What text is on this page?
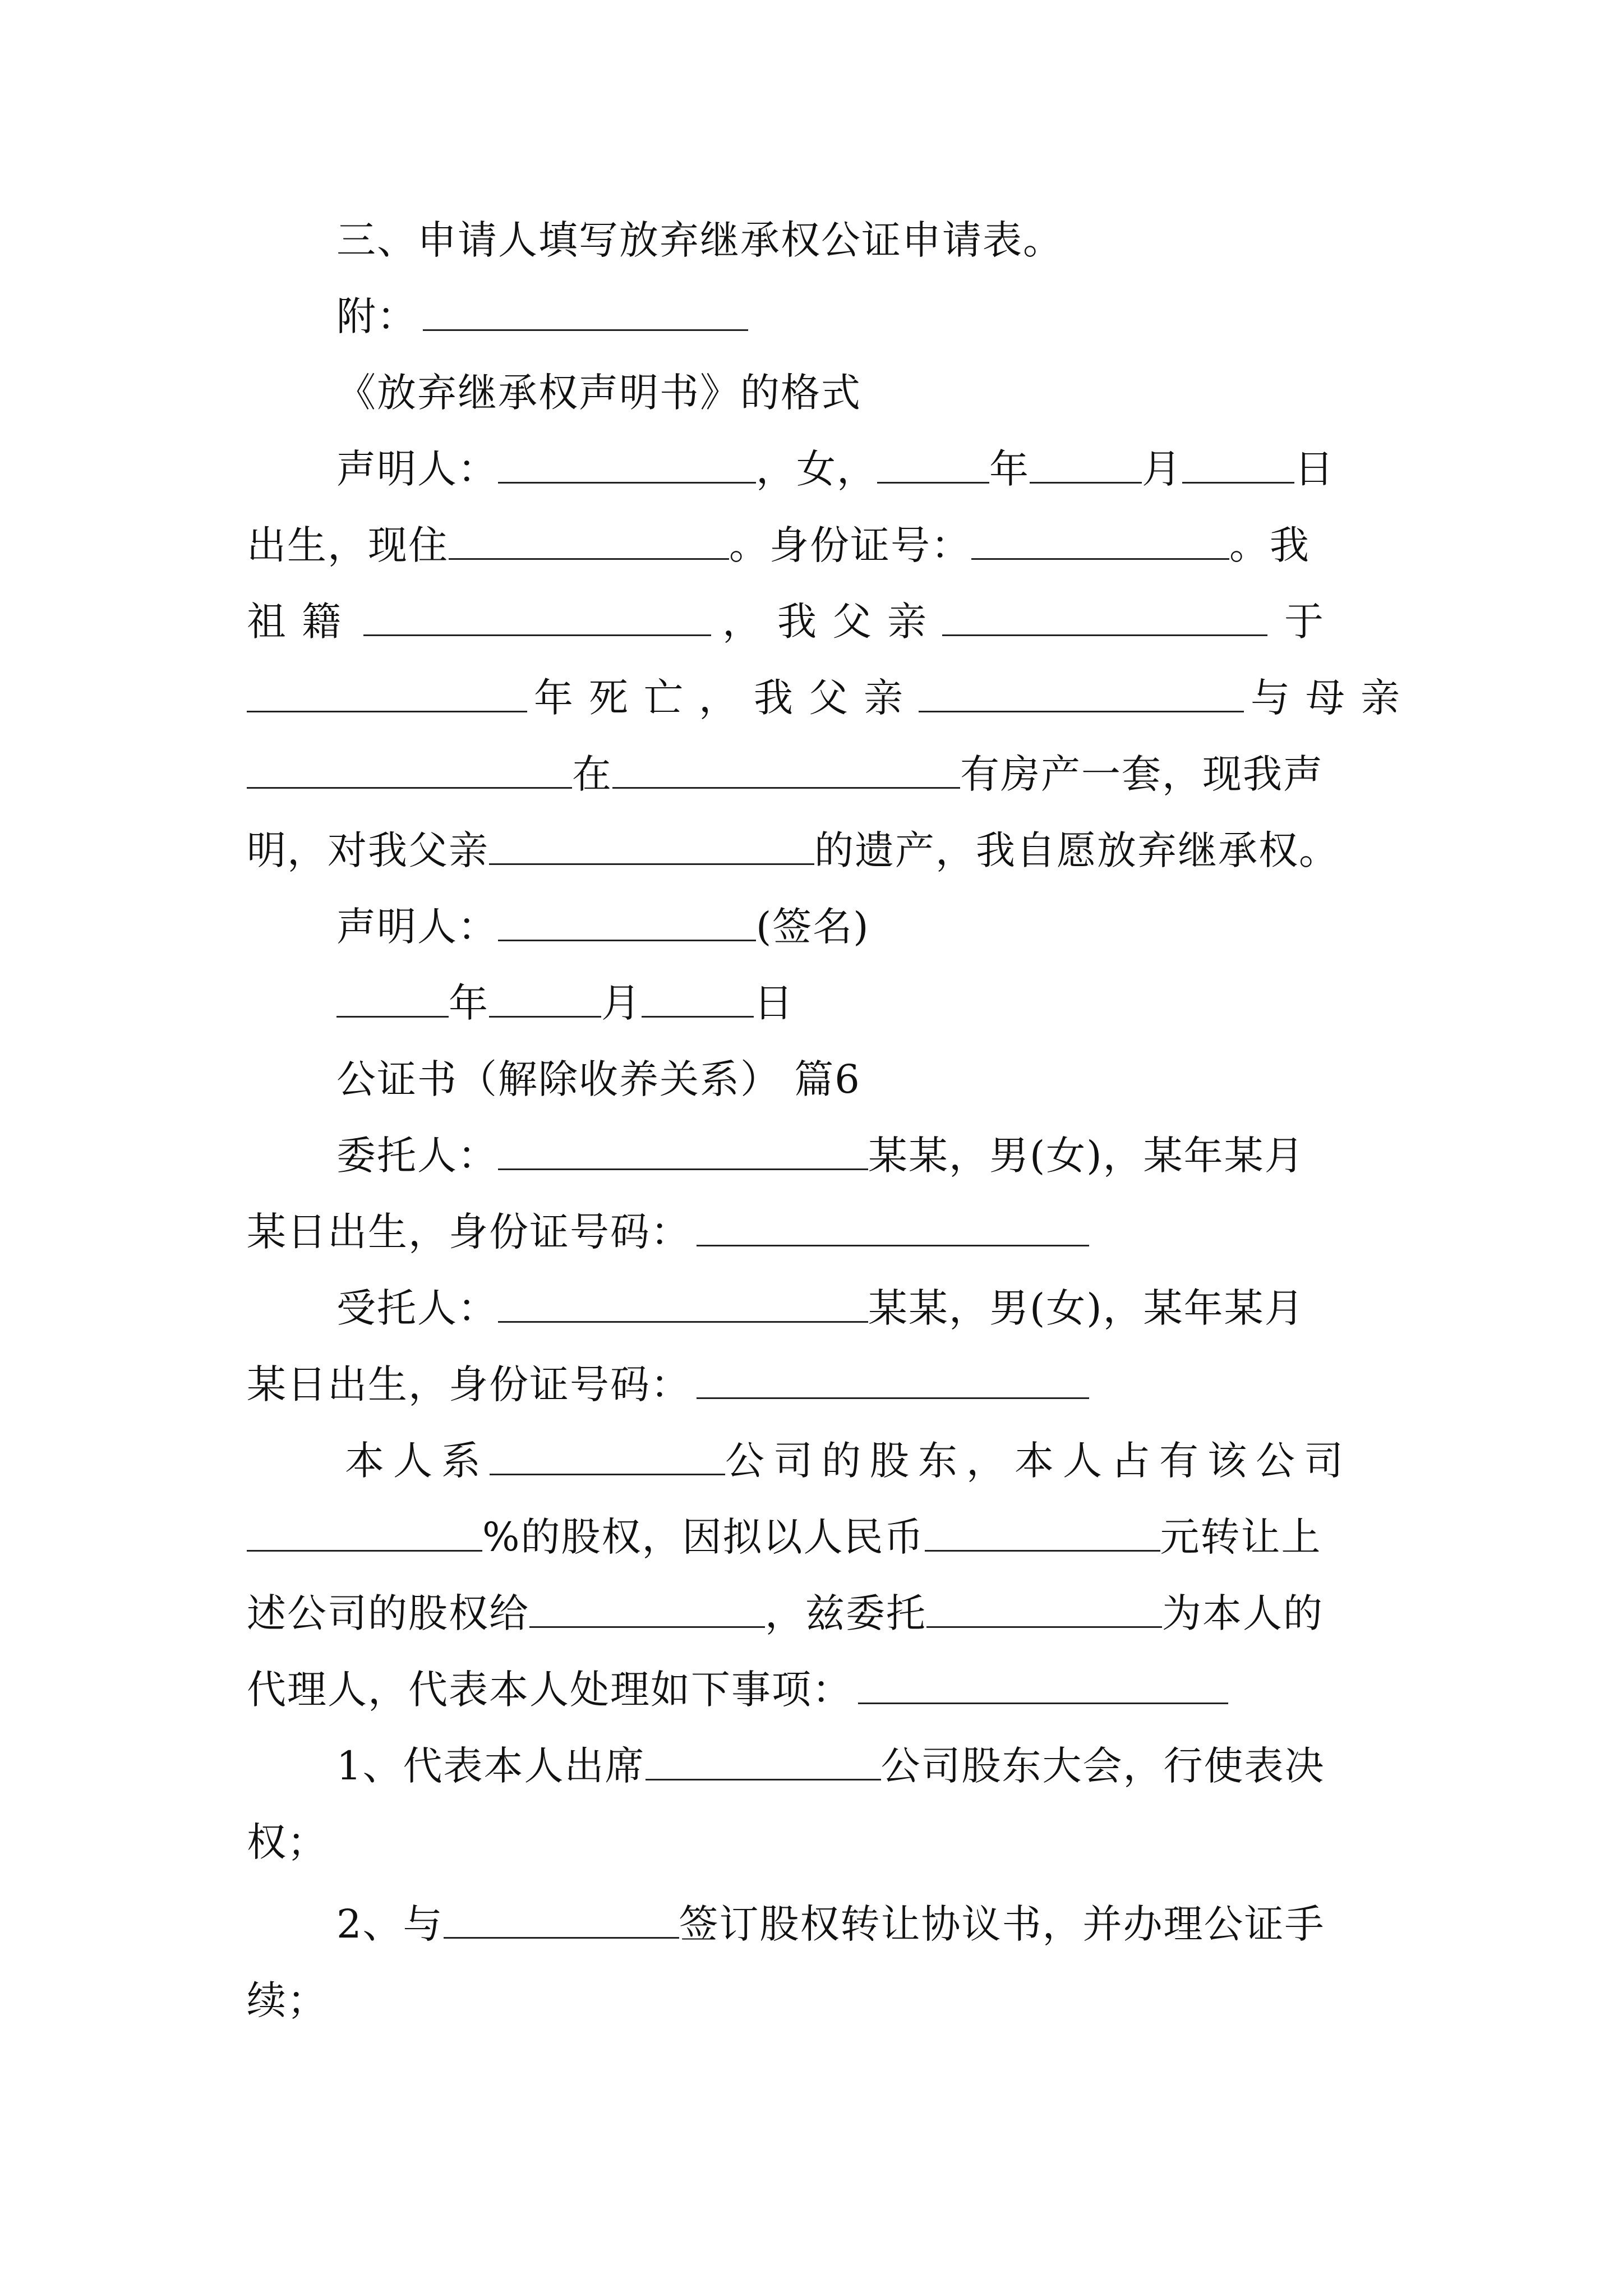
三、申请人填写放弃继承权公证申请表。
附：
《放弃继承权声明书》的格式
声明人：	，女，	年	月	日
出生，现住	。身份证号：	。我
祖籍	，我父亲	于
年死亡，我父亲	与母亲
在	有房产一套，现我声
明，对我父亲	的遗产，我自愿放弃继承权。
声明人：	(签名)
年	月	日
公证书（解除收养关系） 篇6
委托人：	某某，男(女)，某年某月
某日出生，身份证号码：
受托人：	某某，男(女)，某年某月
某日出生，身份证号码：
本人系	公司的股东，本人占有该公司
%的股权，因拟以人民币	元转让上
述公司的股权给	，兹委托	为本人的
代理人，代表本人处理如下事项：
1、代表本人出席	公司股东大会，行使表决
权；
2、与	签订股权转让协议书，并办理公证手
续；
